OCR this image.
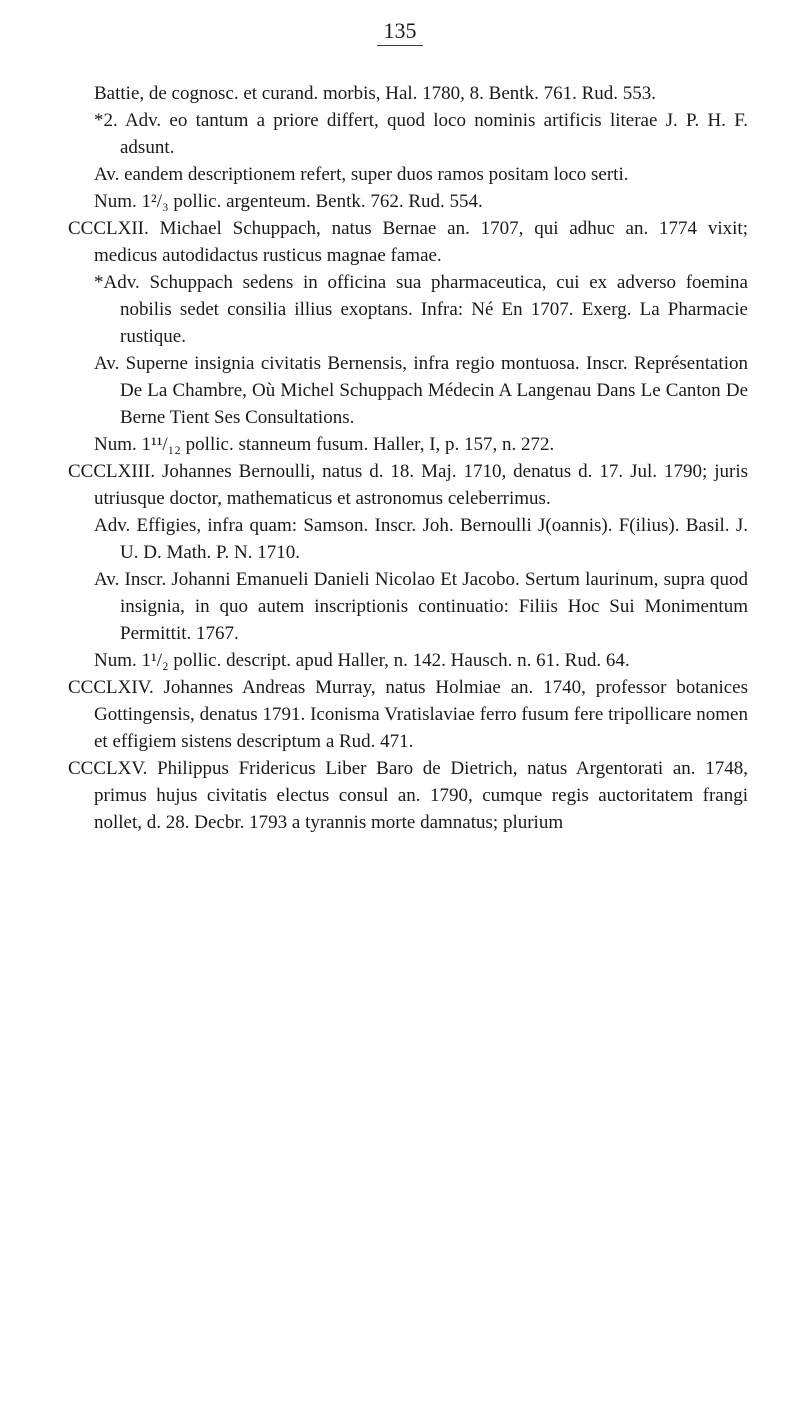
135

Battie, de cognosc. et curand. morbis, Hal. 1780, 8. Bentk. 761. Rud. 553.

*2. Adv. eo tantum a priore differt, quod loco nominis artificis literae J. P. H. F. adsunt.

Av. eandem descriptionem refert, super duos ramos positam loco serti.

Num. 1²/₃ pollic. argenteum. Bentk. 762. Rud. 554.

CCCLXII. Michael Schuppach, natus Bernae an. 1707, qui adhuc an. 1774 vixit; medicus autodidactus rusticus magnae famae.

*Adv. Schuppach sedens in officina sua pharmaceutica, cui ex adverso foemina nobilis sedet consilia illius exoptans. Infra: Né En 1707. Exerg. La Pharmacie rustique.

Av. Superne insignia civitatis Bernensis, infra regio montuosa. Inscr. Représentation De La Chambre, Où Michel Schuppach Médecin A Langenau Dans Le Canton De Berne Tient Ses Consultations.

Num. 1¹¹/₁₂ pollic. stanneum fusum. Haller, I, p. 157, n. 272.

CCCLXIII. Johannes Bernoulli, natus d. 18. Maj. 1710, denatus d. 17. Jul. 1790; juris utriusque doctor, mathematicus et astronomus celeberrimus.

Adv. Effigies, infra quam: Samson. Inscr. Joh. Bernoulli J(oannis). F(ilius). Basil. J. U. D. Math. P. N. 1710.

Av. Inscr. Johanni Emanueli Danieli Nicolao Et Jacobo. Sertum laurinum, supra quod insignia, in quo autem inscriptionis continuatio: Filiis Hoc Sui Monimentum Permittit. 1767.

Num. 1¹/₂ pollic. descript. apud Haller, n. 142. Hausch. n. 61. Rud. 64.

CCCLXIV. Johannes Andreas Murray, natus Holmiae an. 1740, professor botanices Gottingensis, denatus 1791. Iconisma Vratislaviae ferro fusum fere tripollicare nomen et effigiem sistens descriptum a Rud. 471.

CCCLXV. Philippus Fridericus Liber Baro de Dietrich, natus Argentorati an. 1748, primus hujus civitatis electus consul an. 1790, cumque regis auctoritatem frangi nollet, d. 28. Decbr. 1793 a tyrannis morte damnatus; plurium
